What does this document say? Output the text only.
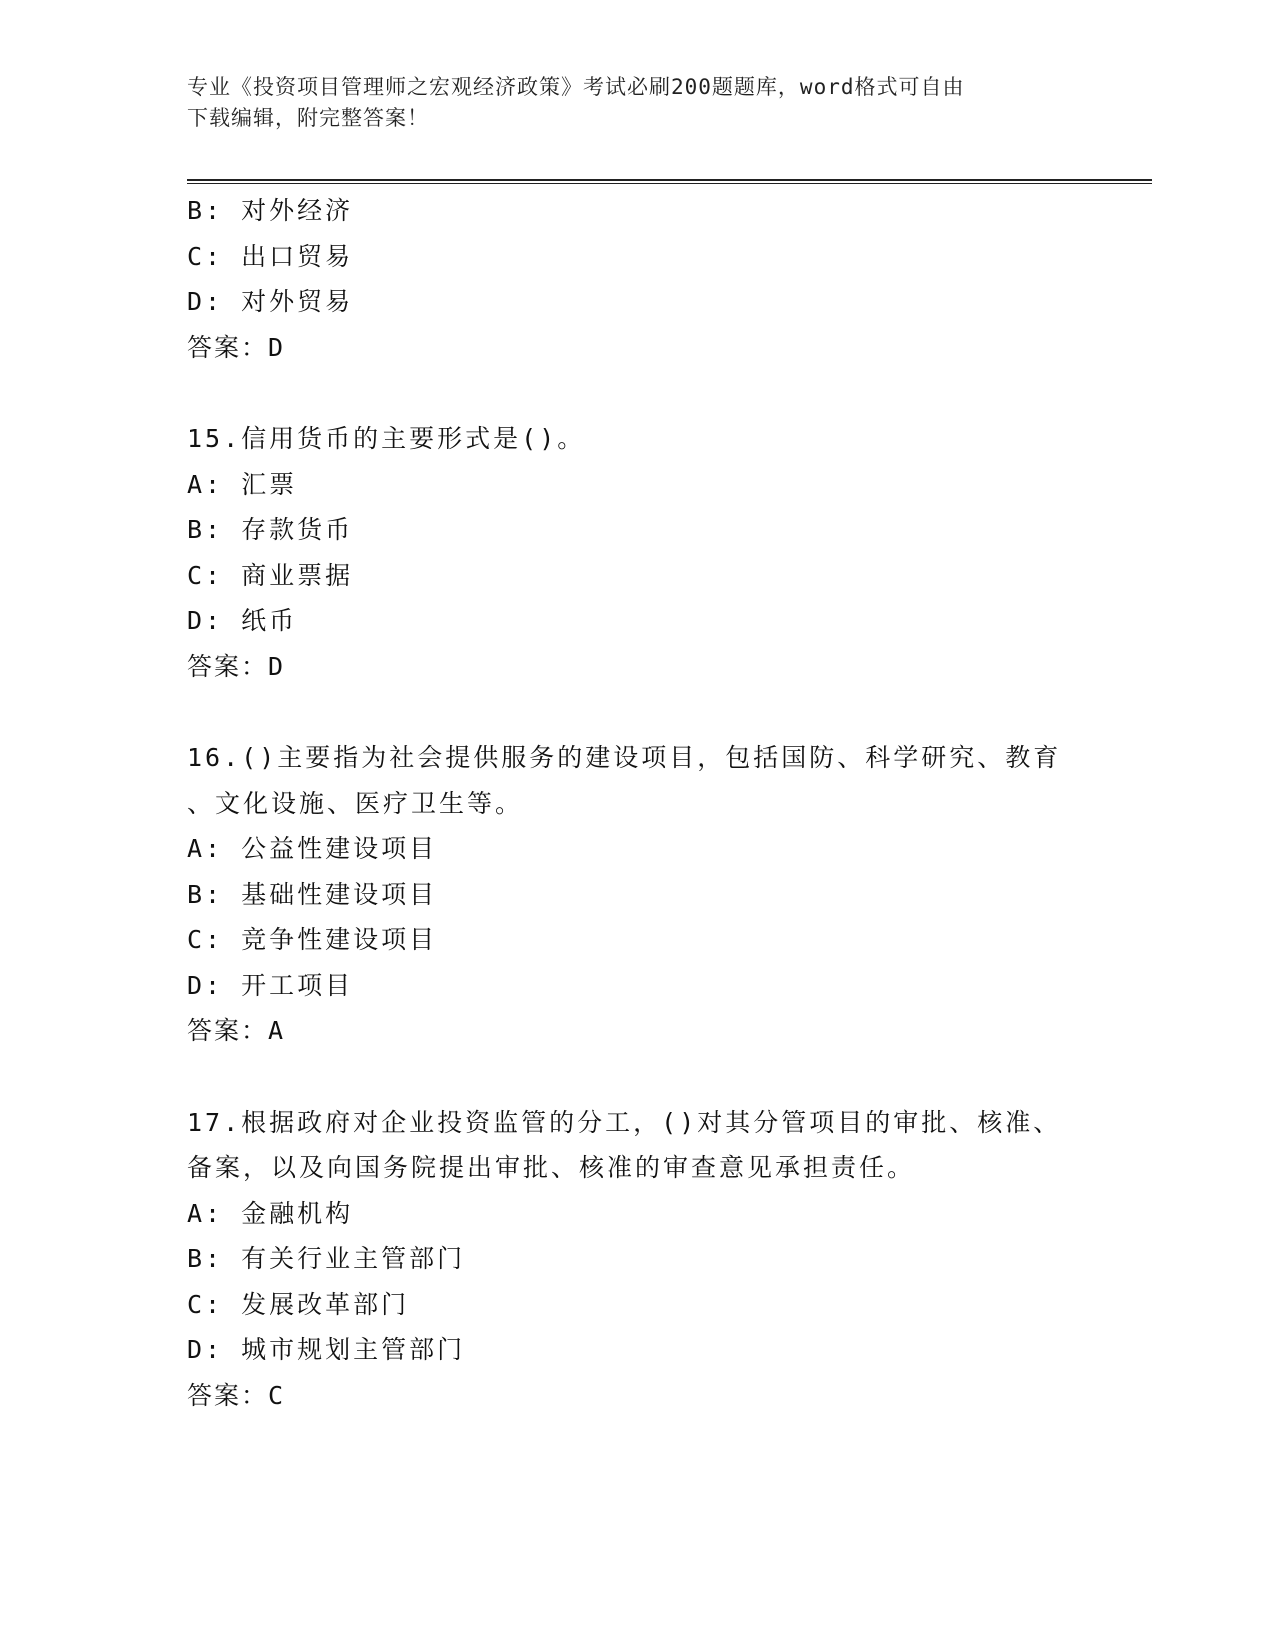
专业《投资项目管理师之宏观经济政策》考试必刷200题题库，word格式可自由
下载编辑，附完整答案！
B: 对外经济
C: 出口贸易
D: 对外贸易
答案：D
15.信用货币的主要形式是()。
A: 汇票
B: 存款货币
C: 商业票据
D: 纸币
答案：D
16.()主要指为社会提供服务的建设项目，包括国防、科学研究、教育
、文化设施、医疗卫生等。
A: 公益性建设项目
B: 基础性建设项目
C: 竞争性建设项目
D: 开工项目
答案：A
17.根据政府对企业投资监管的分工，()对其分管项目的审批、核准、
备案，以及向国务院提出审批、核准的审查意见承担责任。
A: 金融机构
B: 有关行业主管部门
C: 发展改革部门
D: 城市规划主管部门
答案：C
